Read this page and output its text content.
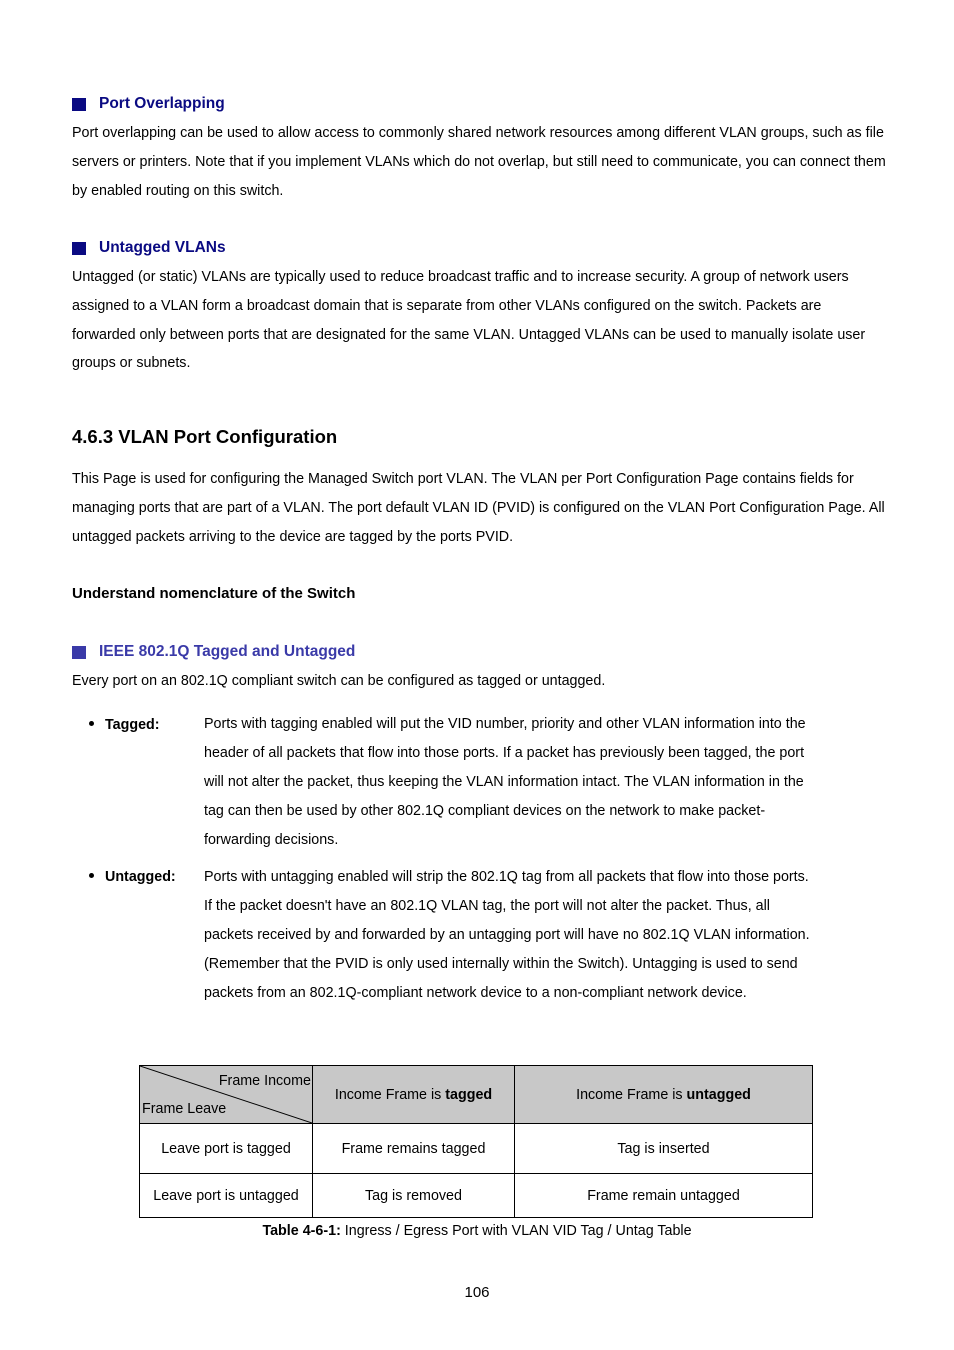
Port Overlapping
Port overlapping can be used to allow access to commonly shared network resources among different VLAN groups, such as file servers or printers. Note that if you implement VLANs which do not overlap, but still need to communicate, you can connect them by enabled routing on this switch.
Untagged VLANs
Untagged (or static) VLANs are typically used to reduce broadcast traffic and to increase security. A group of network users assigned to a VLAN form a broadcast domain that is separate from other VLANs configured on the switch. Packets are forwarded only between ports that are designated for the same VLAN. Untagged VLANs can be used to manually isolate user groups or subnets.
4.6.3 VLAN Port Configuration
This Page is used for configuring the Managed Switch port VLAN. The VLAN per Port Configuration Page contains fields for managing ports that are part of a VLAN. The port default VLAN ID (PVID) is configured on the VLAN Port Configuration Page. All untagged packets arriving to the device are tagged by the ports PVID.
Understand nomenclature of the Switch
IEEE 802.1Q Tagged and Untagged
Every port on an 802.1Q compliant switch can be configured as tagged or untagged.
Tagged:	Ports with tagging enabled will put the VID number, priority and other VLAN information into the header of all packets that flow into those ports. If a packet has previously been tagged, the port will not alter the packet, thus keeping the VLAN information intact. The VLAN information in the tag can then be used by other 802.1Q compliant devices on the network to make packet-forwarding decisions.
Untagged: Ports with untagging enabled will strip the 802.1Q tag from all packets that flow into those ports. If the packet doesn't have an 802.1Q VLAN tag, the port will not alter the packet. Thus, all packets received by and forwarded by an untagging port will have no 802.1Q VLAN information. (Remember that the PVID is only used internally within the Switch). Untagging is used to send packets from an 802.1Q-compliant network device to a non-compliant network device.
Frame Income
Frame Leave	Income Frame is tagged	Income Frame is untagged
Leave port is tagged	Frame remains tagged	Tag is inserted
Leave port is untagged	Tag is removed	Frame remain untagged
Table 4-6-1: Ingress / Egress Port with VLAN VID Tag / Untag Table
106
